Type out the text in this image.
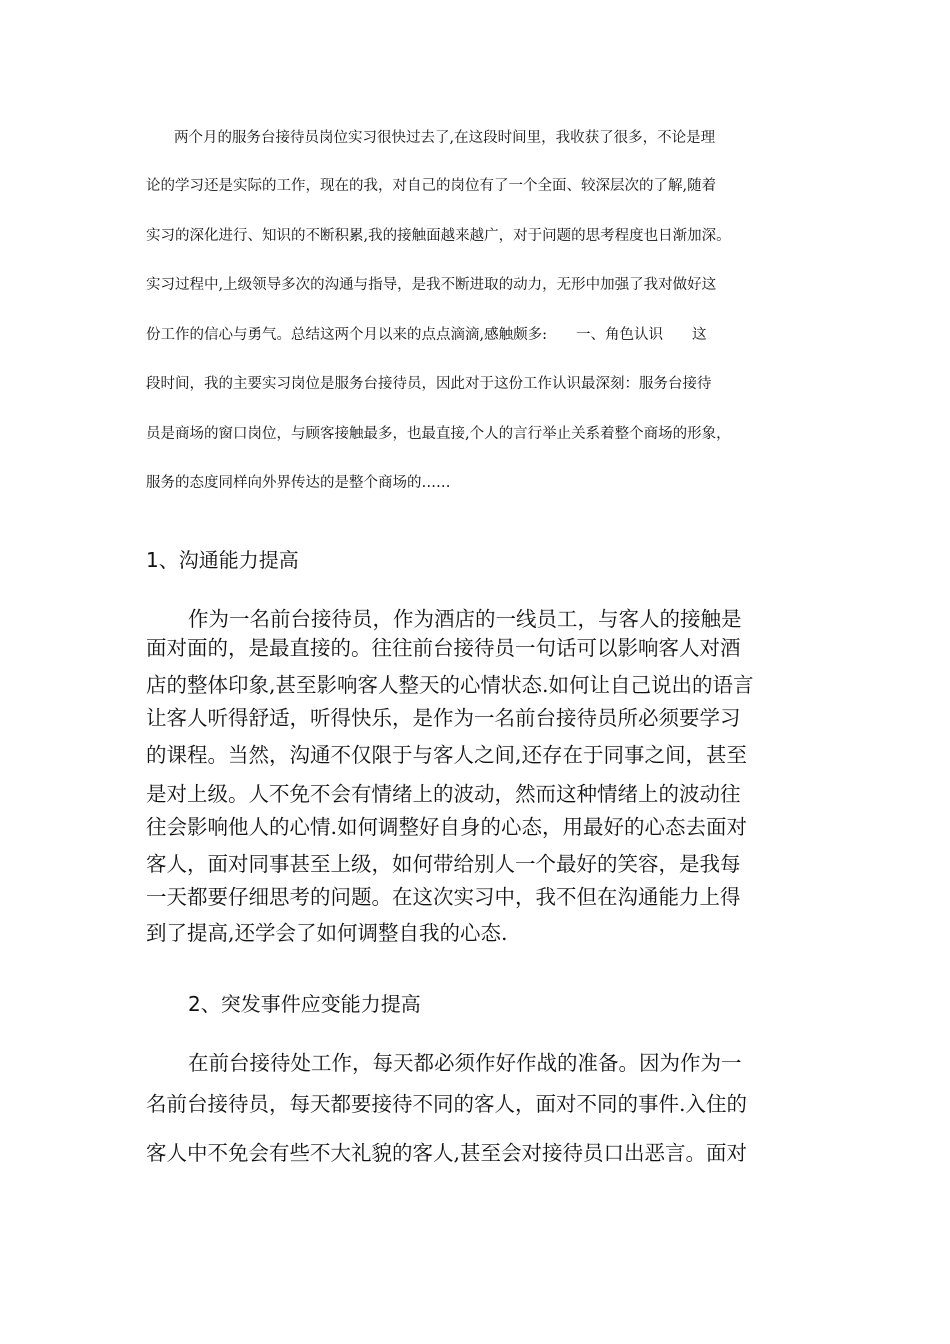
两个月的服务台接待员岗位实习很快过去了,在这段时间里，我收获了很多，不论是理
论的学习还是实际的工作，现在的我，对自己的岗位有了一个全面、较深层次的了解,随着
实习的深化进行、知识的不断积累,我的接触面越来越广，对于问题的思考程度也日渐加深。
实习过程中,上级领导多次的沟通与指导，是我不断进取的动力，无形中加强了我对做好这
份工作的信心与勇气。总结这两个月以来的点点滴滴,感触颇多:　　一、角色认识　　这
段时间，我的主要实习岗位是服务台接待员，因此对于这份工作认识最深刻：服务台接待
员是商场的窗口岗位，与顾客接触最多，也最直接,个人的言行举止关系着整个商场的形象，
服务的态度同样向外界传达的是整个商场的……
1、沟通能力提高
作为一名前台接待员，作为酒店的一线员工，与客人的接触是
面对面的，是最直接的。往往前台接待员一句话可以影响客人对酒
店的整体印象,甚至影响客人整天的心情状态.如何让自己说出的语言
让客人听得舒适，听得快乐，是作为一名前台接待员所必须要学习
的课程。当然，沟通不仅限于与客人之间,还存在于同事之间，甚至
是对上级。人不免不会有情绪上的波动，然而这种情绪上的波动往
往会影响他人的心情.如何调整好自身的心态，用最好的心态去面对
客人，面对同事甚至上级，如何带给别人一个最好的笑容，是我每
一天都要仔细思考的问题。在这次实习中，我不但在沟通能力上得
到了提高,还学会了如何调整自我的心态.
2、突发事件应变能力提高
在前台接待处工作，每天都必须作好作战的准备。因为作为一
名前台接待员，每天都要接待不同的客人，面对不同的事件.入住的
客人中不免会有些不大礼貌的客人,甚至会对接待员口出恶言。面对
